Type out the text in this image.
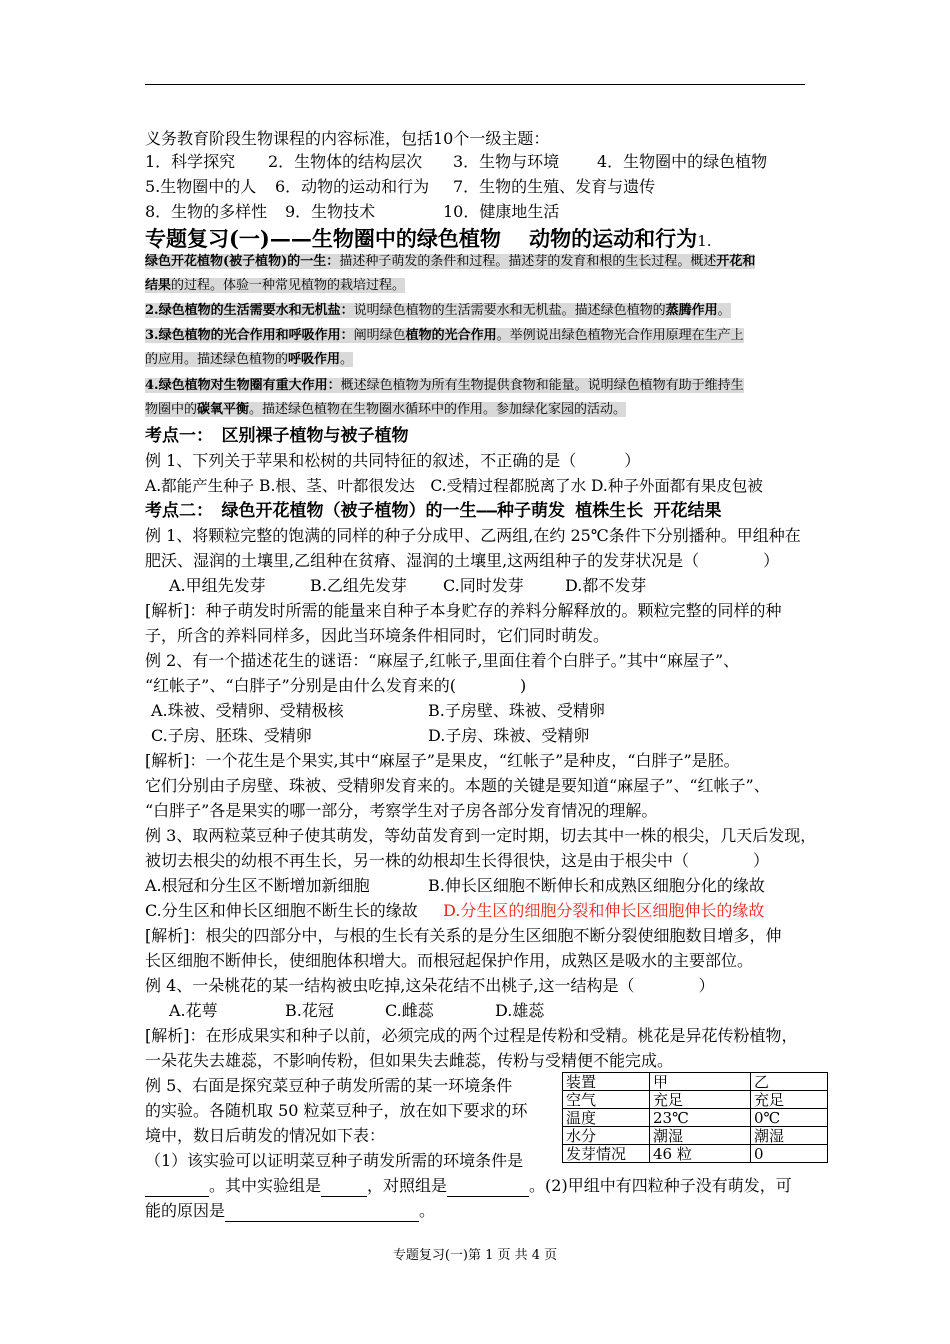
义务教育阶段生物课程的内容标准，包括10个一级主题：
1．科学探究 2．生物体的结构层次 3．生物与环境 4．生物圈中的绿色植物
5.生物圈中的人 6．动物的运动和行为 7．生物的生殖、发育与遗传
8．生物的多样性 9．生物技术	10．健康地生活
专题复习(一)——生物圈中的绿色植物　 动物的运动和行为1.
绿色开花植物(被子植物)的一生：描述种子萌发的条件和过程。描述芽的发育和根的生长过程。概述开花和
结果的过程。体验一种常见植物的栽培过程。
2.绿色植物的生活需要水和无机盐：说明绿色植物的生活需要水和无机盐。描述绿色植物的蒸腾作用。
3.绿色植物的光合作用和呼吸作用：阐明绿色植物的光合作用。举例说出绿色植物光合作用原理在生产上
的应用。描述绿色植物的呼吸作用。
4.绿色植物对生物圈有重大作用：概述绿色植物为所有生物提供食物和能量。说明绿色植物有助于维持生
物圈中的碳氧平衡。描述绿色植物在生物圈水循环中的作用。参加绿化家园的活动。
考点一：　区别裸子植物与被子植物
例 1、下列关于苹果和松树的共同特征的叙述，不正确的是（　　　）
A.都能产生种子 B.根、茎、叶都很发达　C.受精过程都脱离了水 D.种子外面都有果皮包被
考点二：　绿色开花植物（被子植物）的一生——种子萌发 植株生长 开花结果
例 1、将颗粒完整的饱满的同样的种子分成甲、乙两组,在约 25℃条件下分别播种。甲组种在
肥沃、湿润的土壤里,乙组种在贫瘠、湿润的土壤里,这两组种子的发芽状况是（　　　　）
A.甲组先发芽	B.乙组先发芽 C.同时发芽	D.都不发芽
[解析]：种子萌发时所需的能量来自种子本身贮存的养料分解释放的。颗粒完整的同样的种
子，所含的养料同样多，因此当环境条件相同时，它们同时萌发。
例 2、有一个描述花生的谜语：“麻屋子,红帐子,里面住着个白胖子。”其中“麻屋子”、
“红帐子”、“白胖子”分别是由什么发育来的(　　　　)
A.珠被、受精卵、受精极核	B.子房壁、珠被、受精卵
C.子房、胚珠、受精卵	D.子房、珠被、受精卵
[解析]：一个花生是个果实,其中“麻屋子”是果皮，“红帐子”是种皮，“白胖子”是胚。
它们分别由子房壁、珠被、受精卵发育来的。本题的关键是要知道“麻屋子”、“红帐子”、
“白胖子”各是果实的哪一部分，考察学生对子房各部分发育情况的理解。
例 3、取两粒菜豆种子使其萌发，等幼苗发育到一定时期，切去其中一株的根尖，几天后发现，
被切去根尖的幼根不再生长，另一株的幼根却生长得很快，这是由于根尖中（　　　　）
A.根冠和分生区不断增加新细胞	B.伸长区细胞不断伸长和成熟区细胞分化的缘故
C.分生区和伸长区细胞不断生长的缘故 D.分生区的细胞分裂和伸长区细胞伸长的缘故
[解析]：根尖的四部分中，与根的生长有关系的是分生区细胞不断分裂使细胞数目增多，伸
长区细胞不断伸长，使细胞体积增大。而根冠起保护作用，成熟区是吸水的主要部位。
例 4、一朵桃花的某一结构被虫吃掉,这朵花结不出桃子,这一结构是（　　　　）
A.花萼	B.花冠	C.雌蕊	D.雄蕊
[解析]：在形成果实和种子以前，必须完成的两个过程是传粉和受精。桃花是异花传粉植物，
一朵花失去雄蕊，不影响传粉，但如果失去雌蕊，传粉与受精便不能完成。
例 5、右面是探究菜豆种子萌发所需的某一环境条件
的实验。各随机取 50 粒菜豆种子，放在如下要求的环
境中，数日后萌发的情况如下表：
（1）该实验可以证明菜豆种子萌发所需的环境条件是
。其中实验组是	，对照组是	。(2)甲组中有四粒种子没有萌发，可
能的原因是	。
装置	甲	乙
空气	充足	充足
温度	23℃	0℃
水分	潮湿	潮湿
发芽情况	46 粒	0
专题复习(一)第 1 页 共 4 页
